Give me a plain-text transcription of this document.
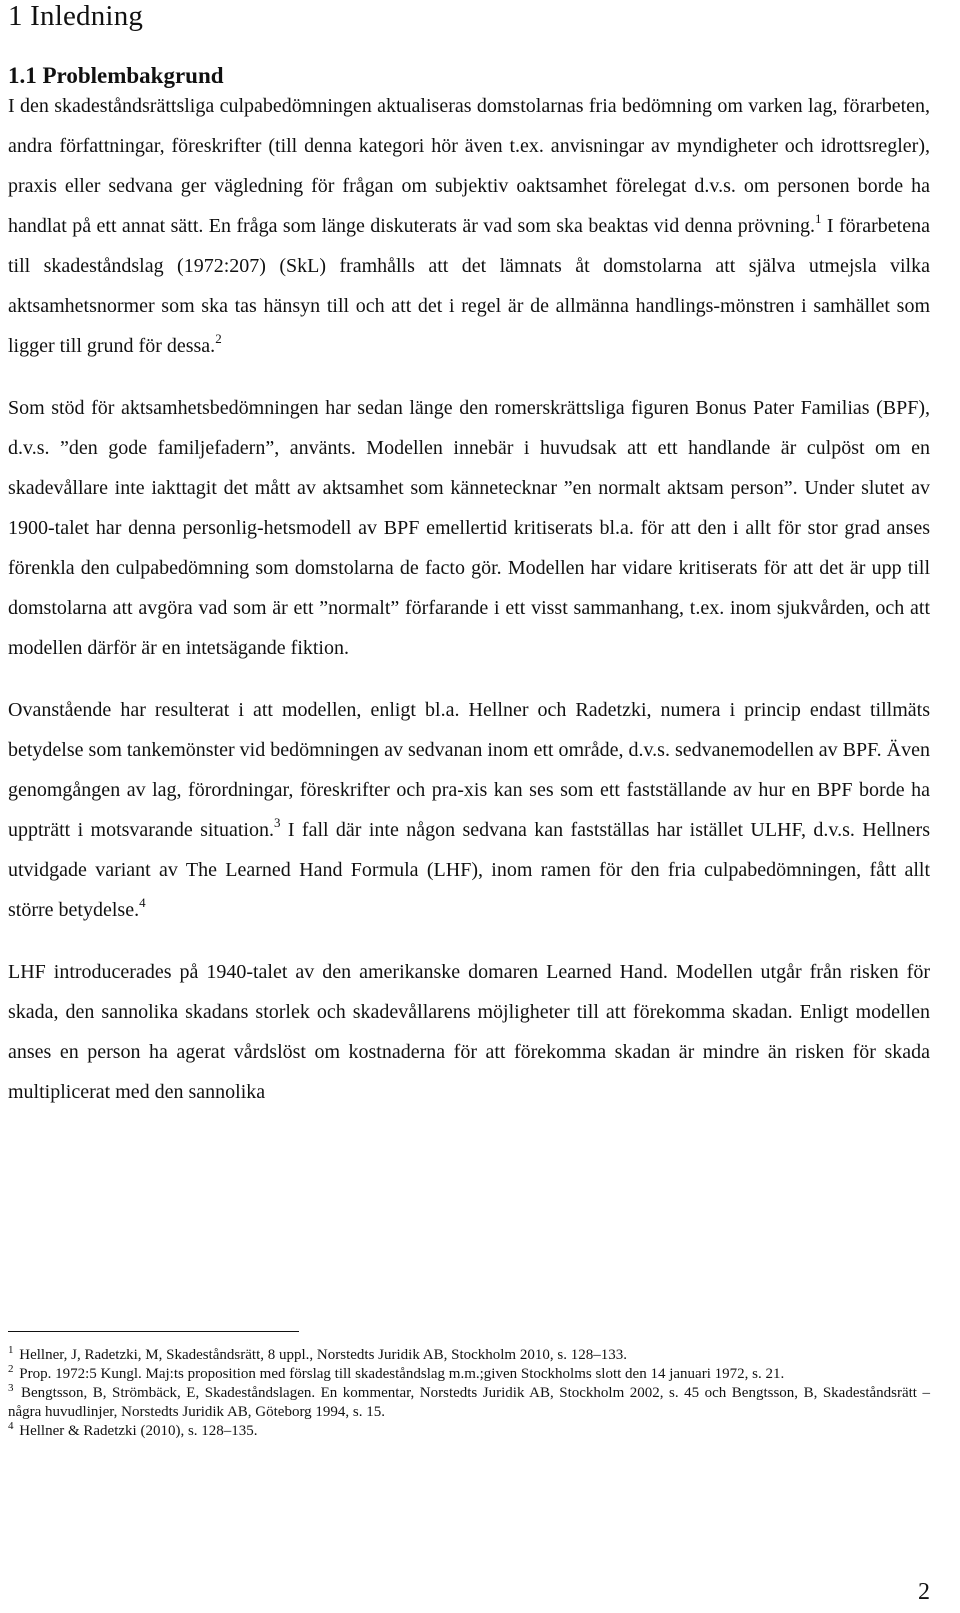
1 Inledning
1.1 Problembakgrund

I den skadeståndsrättsliga culpabedömningen aktualiseras domstolarnas fria bedömning om varken lag, förarbeten, andra författningar, föreskrifter (till denna kategori hör även t.ex. anvisningar av myndigheter och idrottsregler), praxis eller sedvana ger vägledning för frågan om subjektiv oaktsamhet förelegat d.v.s. om personen borde ha handlat på ett annat sätt. En fråga som länge diskuterats är vad som ska beaktas vid denna prövning.$^1$ I förarbetena till skadeståndslag (1972:207) (SkL) framhålls att det lämnats åt domstolarna att själva utmejsla vilka aktsamhetsnormer som ska tas hänsyn till och att det i regel är de allmänna handlings-mönstren i samhället som ligger till grund för dessa.$^2$

Som stöd för aktsamhetsbedömningen har sedan länge den romerskrättsliga figuren Bonus Pater Familias (BPF), d.v.s. ”den gode familjefadern”, använts. Modellen innebär i huvudsak att ett handlande är culpöst om en skadevållare inte iakttagit det mått av aktsamhet som kännetecknar ”en normalt aktsam person”. Under slutet av 1900-talet har denna personlig-hetsmodell av BPF emellertid kritiserats bl.a. för att den i allt för stor grad anses förenkla den culpabedömning som domstolarna de facto gör. Modellen har vidare kritiserats för att det är upp till domstolarna att avgöra vad som är ett ”normalt” förfarande i ett visst sammanhang, t.ex. inom sjukvården, och att modellen därför är en intetsägande fiktion.

Ovanstående har resulterat i att modellen, enligt bl.a. Hellner och Radetzki, numera i princip endast tillmäts betydelse som tankemönster vid bedömningen av sedvanan inom ett område, d.v.s. sedvanemodellen av BPF. Även genomgången av lag, förordningar, föreskrifter och pra-xis kan ses som ett fastställande av hur en BPF borde ha uppträtt i motsvarande situation.$^3$ I fall där inte någon sedvana kan fastställas har istället ULHF, d.v.s. Hellners utvidgade variant av The Learned Hand Formula (LHF), inom ramen för den fria culpabedömningen, fått allt större betydelse.$^4$

LHF introducerades på 1940-talet av den amerikanske domaren Learned Hand. Modellen utgår från risken för skada, den sannolika skadans storlek och skadevållarens möjligheter till att förekomma skadan. Enligt modellen anses en person ha agerat vårdslöst om kostnaderna för att förekomma skadan är mindre än risken för skada multiplicerat med den sannolika

$^1$ Hellner, J, Radetzki, M, Skadeståndsrätt, 8 uppl., Norstedts Juridik AB, Stockholm 2010, s. 128–133.

$^2$ Prop. 1972:5 Kungl. Maj:ts proposition med förslag till skadeståndslag m.m.;given Stockholms slott den 14 januari 1972, s. 21.

$^3$ Bengtsson, B, Strömbäck, E, Skadeståndslagen. En kommentar, Norstedts Juridik AB, Stockholm 2002, s. 45 och Bengtsson, B, Skadeståndsrätt – några huvudlinjer, Norstedts Juridik AB, Göteborg 1994, s. 15.

$^4$ Hellner & Radetzki (2010), s. 128–135.

2
